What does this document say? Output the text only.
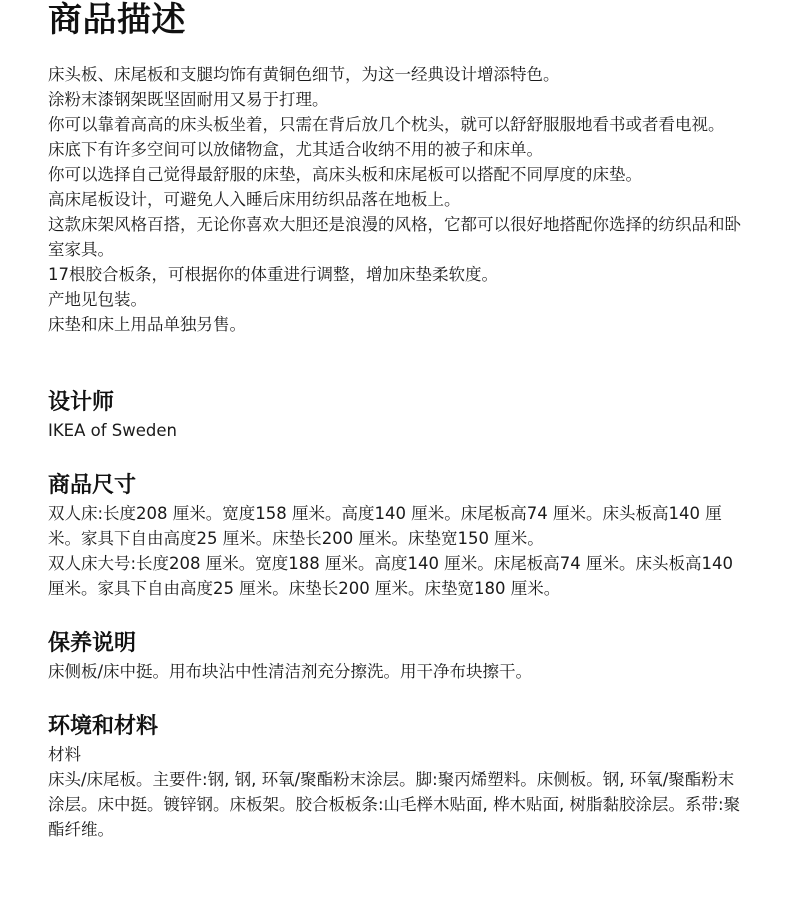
商品描述

床头板、床尾板和支腿均饰有黄铜色细节，为这一经典设计增添特色。

涂粉末漆钢架既坚固耐用又易于打理。

你可以靠着高高的床头板坐着，只需在背后放几个枕头，就可以舒舒服服地看书或者看电视。

床底下有许多空间可以放储物盒，尤其适合收纳不用的被子和床单。

你可以选择自己觉得最舒服的床垫，高床头板和床尾板可以搭配不同厚度的床垫。

高床尾板设计，可避免人入睡后床用纺织品落在地板上。

这款床架风格百搭，无论你喜欢大胆还是浪漫的风格，它都可以很好地搭配你选择的纺织品和卧室家具。

17根胶合板条，可根据你的体重进行调整，增加床垫柔软度。

产地见包装。

床垫和床上用品单独另售。

设计师

IKEA of Sweden

商品尺寸

双人床:长度208 厘米。宽度158 厘米。高度140 厘米。床尾板高74 厘米。床头板高140 厘米。家具下自由高度25 厘米。床垫长200 厘米。床垫宽150 厘米。

双人床大号:长度208 厘米。宽度188 厘米。高度140 厘米。床尾板高74 厘米。床头板高140 厘米。家具下自由高度25 厘米。床垫长200 厘米。床垫宽180 厘米。

保养说明

床侧板/床中挺。用布块沾中性清洁剂充分擦洗。用干净布块擦干。

环境和材料

材料

床头/床尾板。主要件:钢, 钢, 环氧/聚酯粉末涂层。脚:聚丙烯塑料。床侧板。钢, 环氧/聚酯粉末涂层。床中挺。镀锌钢。床板架。胶合板板条:山毛榉木贴面, 桦木贴面, 树脂黏胶涂层。系带:聚酯纤维。
